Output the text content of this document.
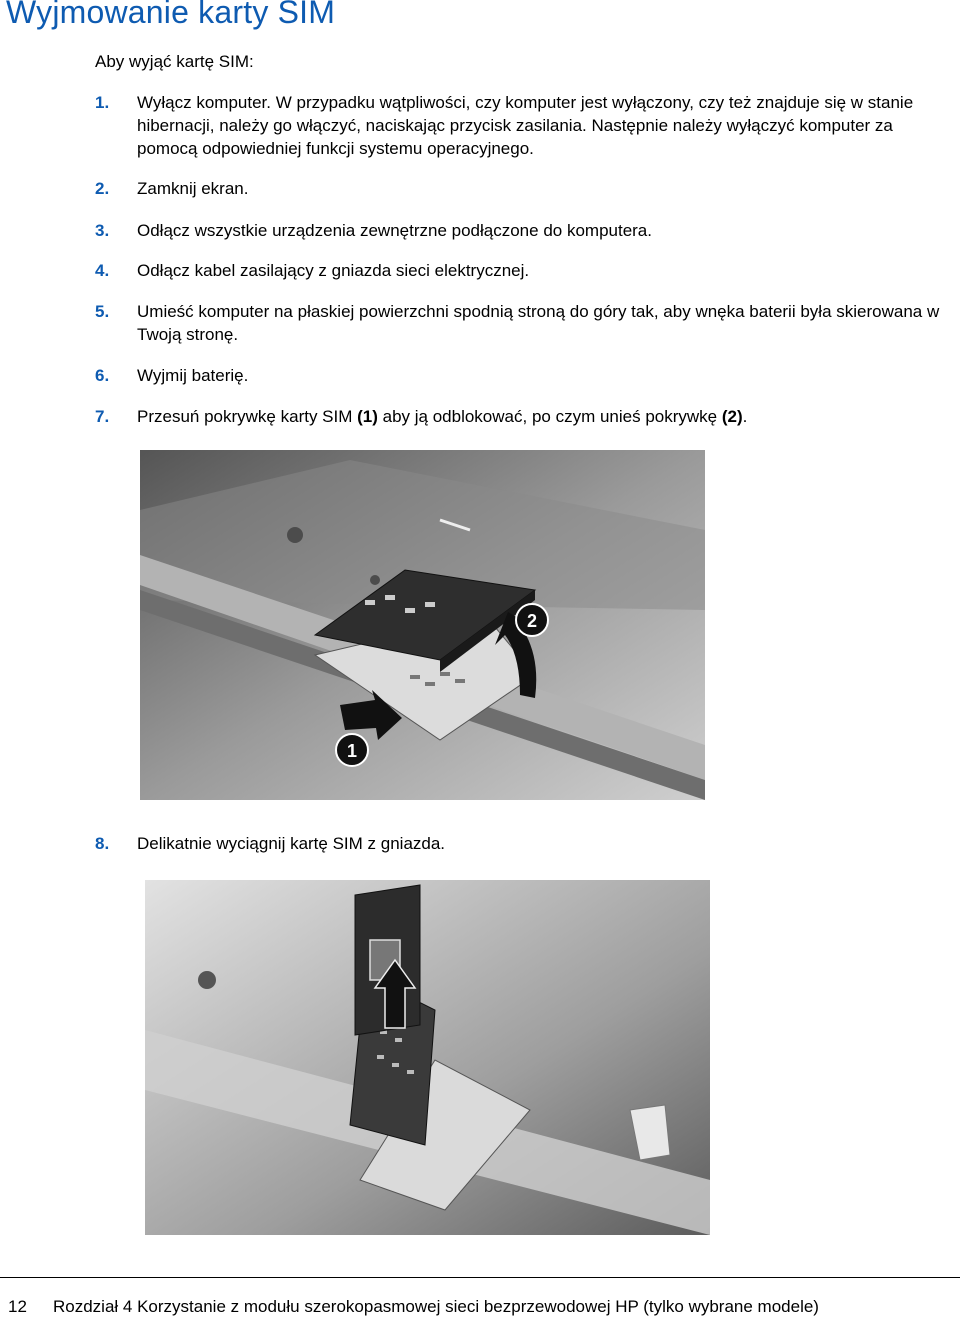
Wyjmowanie karty SIM
Aby wyjąć kartę SIM:
1.	Wyłącz komputer. W przypadku wątpliwości, czy komputer jest wyłączony, czy też znajduje się w stanie hibernacji, należy go włączyć, naciskając przycisk zasilania. Następnie należy wyłączyć komputer za pomocą odpowiedniej funkcji systemu operacyjnego.
2.	Zamknij ekran.
3.	Odłącz wszystkie urządzenia zewnętrzne podłączone do komputera.
4.	Odłącz kabel zasilający z gniazda sieci elektrycznej.
5.	Umieść komputer na płaskiej powierzchni spodnią stroną do góry tak, aby wnęka baterii była skierowana w Twoją stronę.
6.	Wyjmij baterię.
7.	Przesuń pokrywkę karty SIM (1) aby ją odblokować, po czym unieś pokrywkę (2).
1
2
8.	Delikatnie wyciągnij kartę SIM z gniazda.
12 Rozdział 4 Korzystanie z modułu szerokopasmowej sieci bezprzewodowej HP (tylko wybrane modele)
